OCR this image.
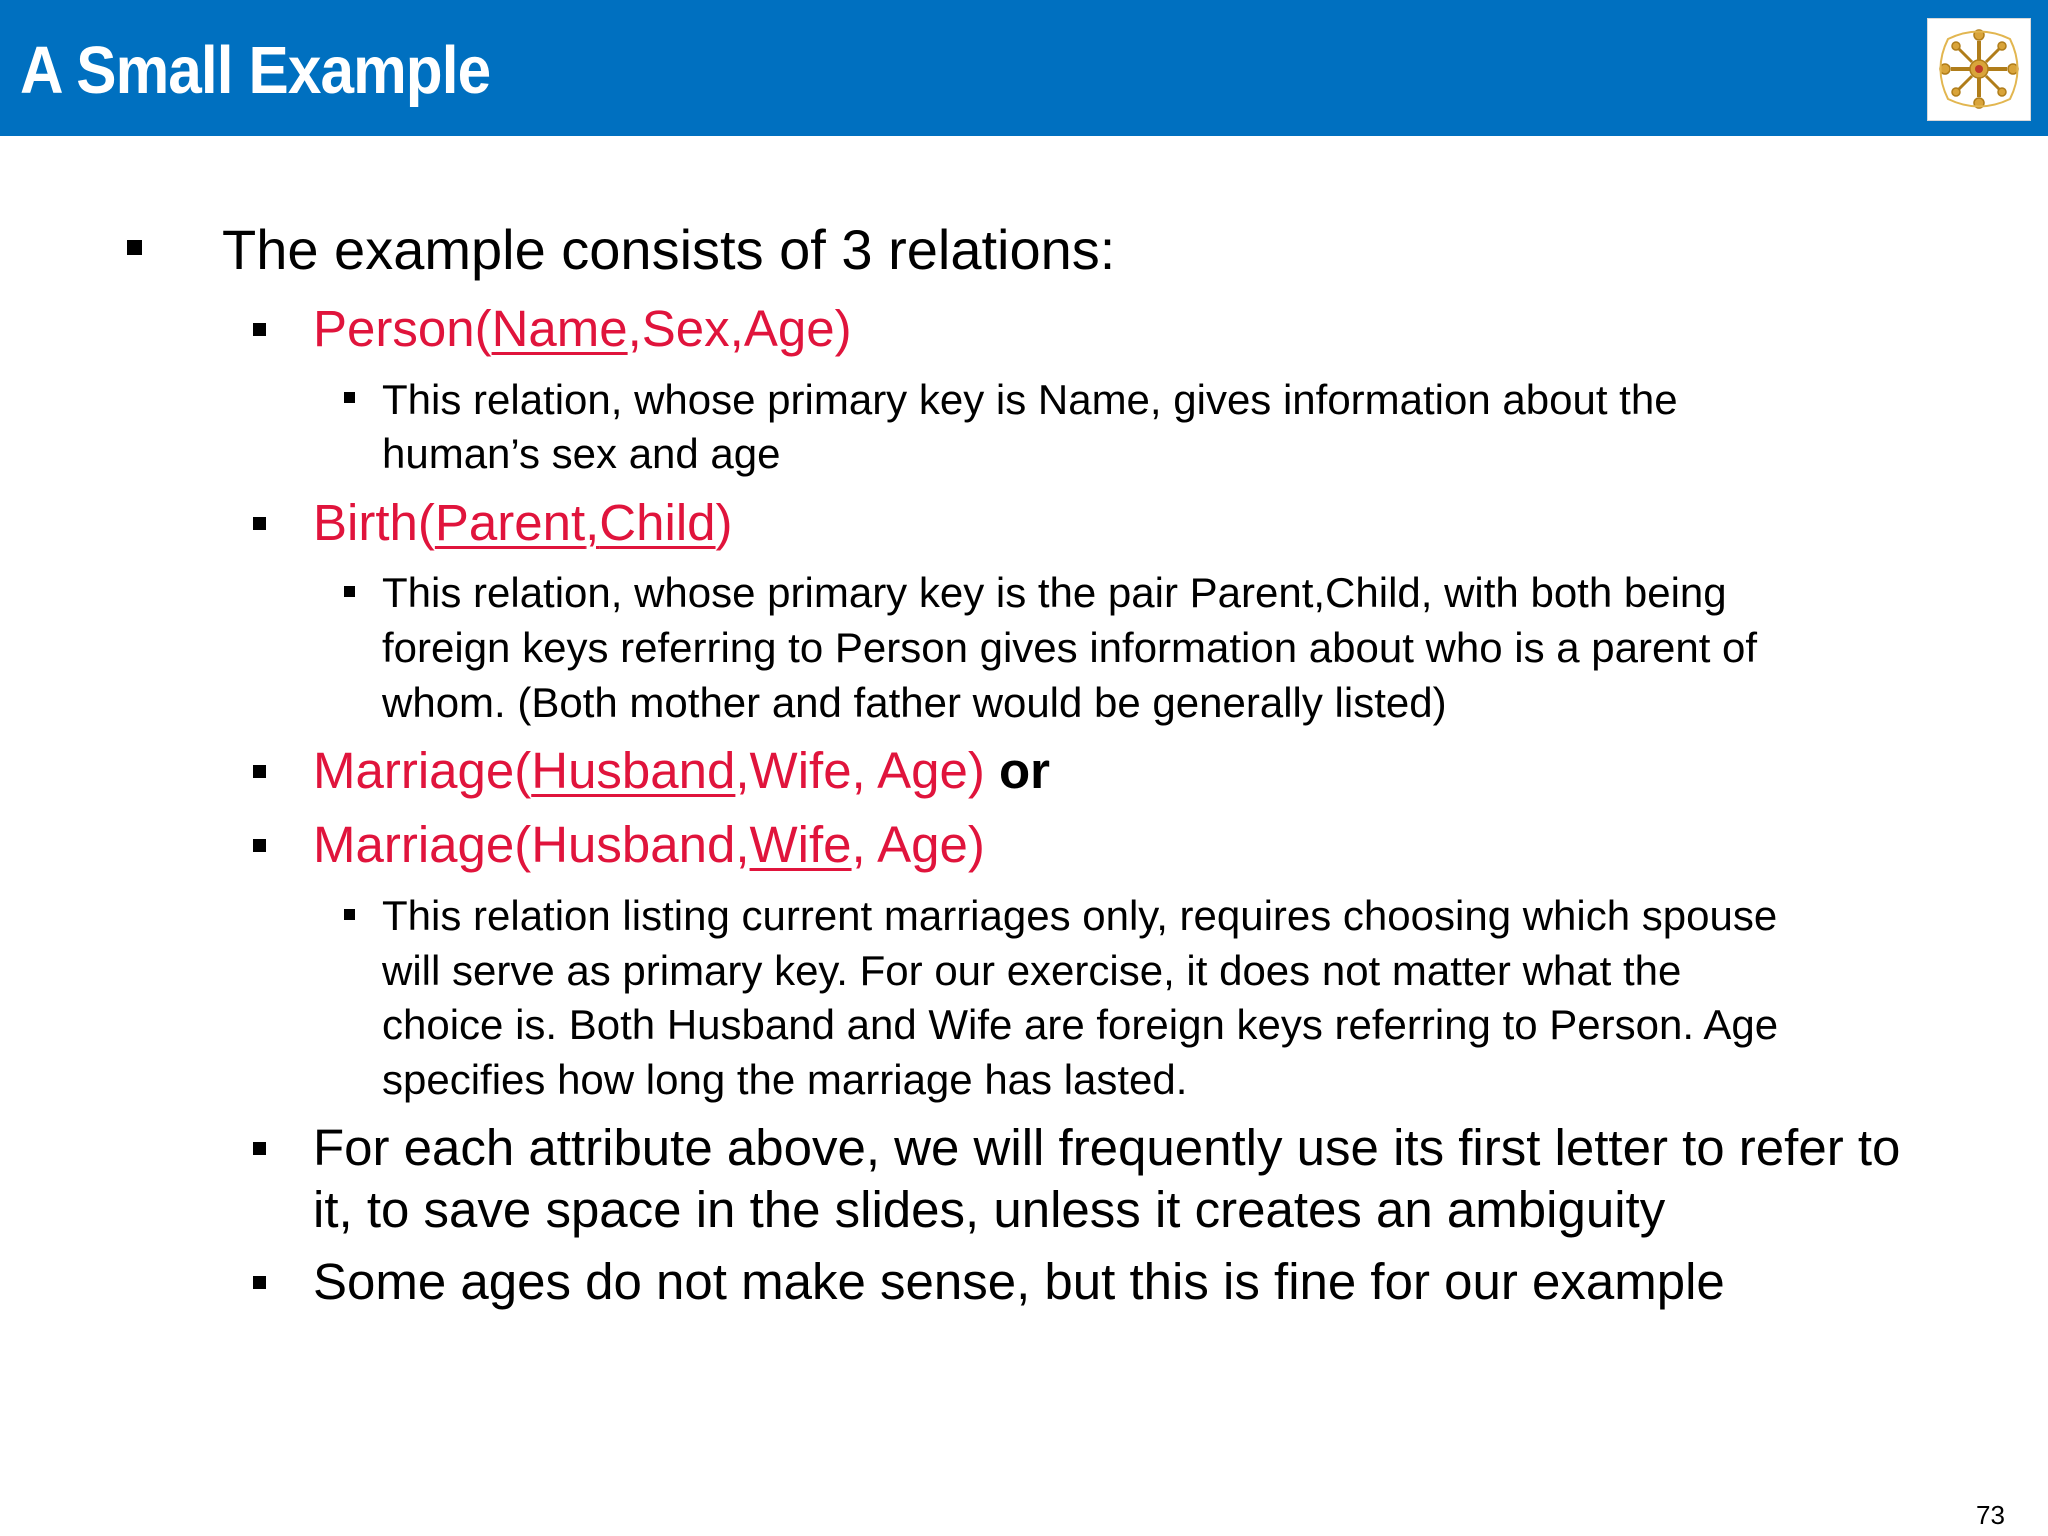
A Small Example
The example consists of 3 relations:
Person(Name,Sex,Age)
This relation, whose primary key is Name, gives information about the
human’s sex and age
Birth(Parent,Child)
This relation, whose primary key is the pair Parent,Child, with both being
foreign keys referring to Person gives information about who is a parent of
whom. (Both mother and father would be generally listed)
Marriage(Husband,Wife, Age) or
Marriage(Husband,Wife, Age)
This relation listing current marriages only, requires choosing which spouse
will serve as primary key. For our exercise, it does not matter what the
choice is. Both Husband and Wife are foreign keys referring to Person. Age
specifies how long the marriage has lasted.
For each attribute above, we will frequently use its first letter to refer to
it, to save space in the slides, unless it creates an ambiguity
Some ages do not make sense, but this is fine for our example
73
